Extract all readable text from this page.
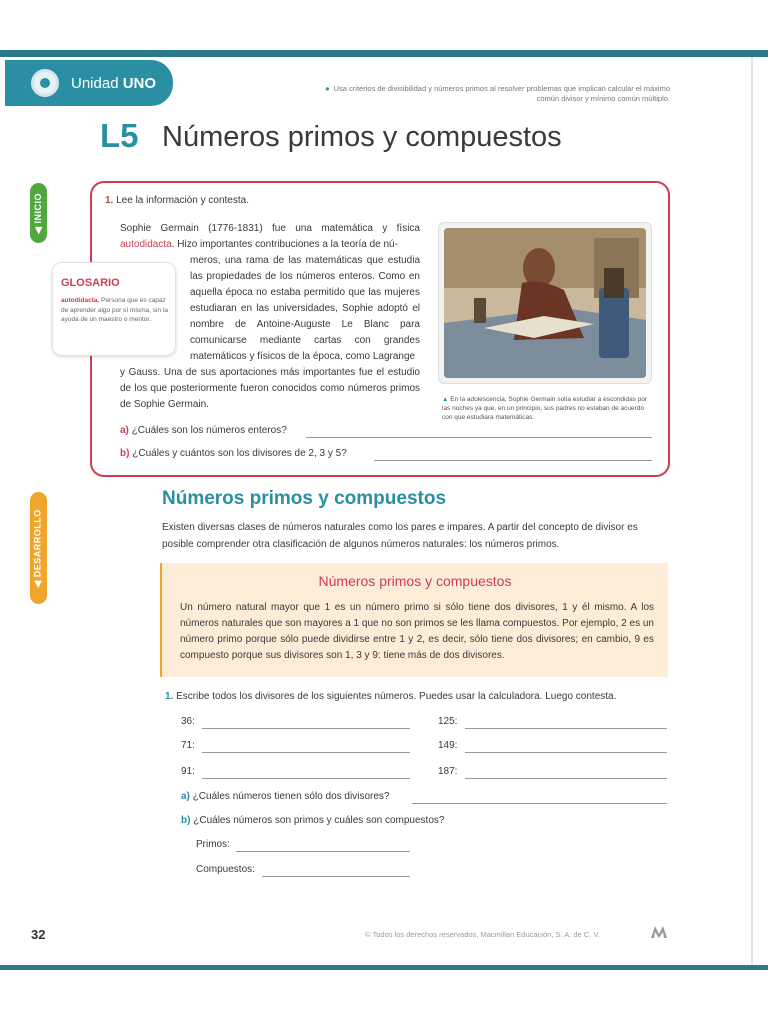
Unidad UNO	● Usa criterios de divisibilidad y números primos al resolver problemas que implican calcular el máximo
común divisor y mínimo común múltiplo.
L5 Números primos y compuestos
◀ INICIO
◀ DESARROLLO
1. Lee la información y contesta.
Sophie Germain (1776-1831) fue una matemática y física autodidacta. Hizo importantes contribuciones a la teoría de nú-
meros, una rama de las matemáticas que estudia las propiedades de los números enteros. Como en aquella época no estaba permitido que las mujeres estudiaran en las universidades, Sophie adoptó el nombre de Antoine-Auguste Le Blanc para comunicarse mediante cartas con grandes matemáticos y físicos de la época, como Lagrange
y Gauss. Una de sus aportaciones más importantes fue el estudio de los que posteriormente fueron conocidos como números primos de Sophie Germain.
GLOSARIO
autodidacta. Persona que es capaz de aprender algo por sí misma, sin la ayuda de un maestro o mentor.
▲ En la adolescencia, Sophie Germain solía estudiar a escondidas por las noches ya que, en un principio, sus padres no estaban de acuerdo con que estudiara matemáticas.
a) ¿Cuáles son los números enteros?
b) ¿Cuáles y cuántos son los divisores de 2, 3 y 5?
Números primos y compuestos
Existen diversas clases de números naturales como los pares e impares. A partir del concepto de divisor es posible comprender otra clasificación de algunos números naturales: los números primos.
Números primos y compuestos
Un número natural mayor que 1 es un número primo si sólo tiene dos divisores, 1 y él mismo. A los números naturales que son mayores a 1 que no son primos se les llama compuestos. Por ejemplo, 2 es un número primo porque sólo puede dividirse entre 1 y 2, es decir, sólo tiene dos divisores; en cambio, 9 es compuesto porque sus divisores son 1, 3 y 9: tiene más de dos divisores.
1. Escribe todos los divisores de los siguientes números. Puedes usar la calculadora. Luego contesta.
36:	125:
71:	149:
91:	187:
a) ¿Cuáles números tienen sólo dos divisores?
b) ¿Cuáles números son primos y cuáles son compuestos?
Primos:
Compuestos:
32	© Todos los derechos reservados, Macmillan Educación, S. A. de C. V.
